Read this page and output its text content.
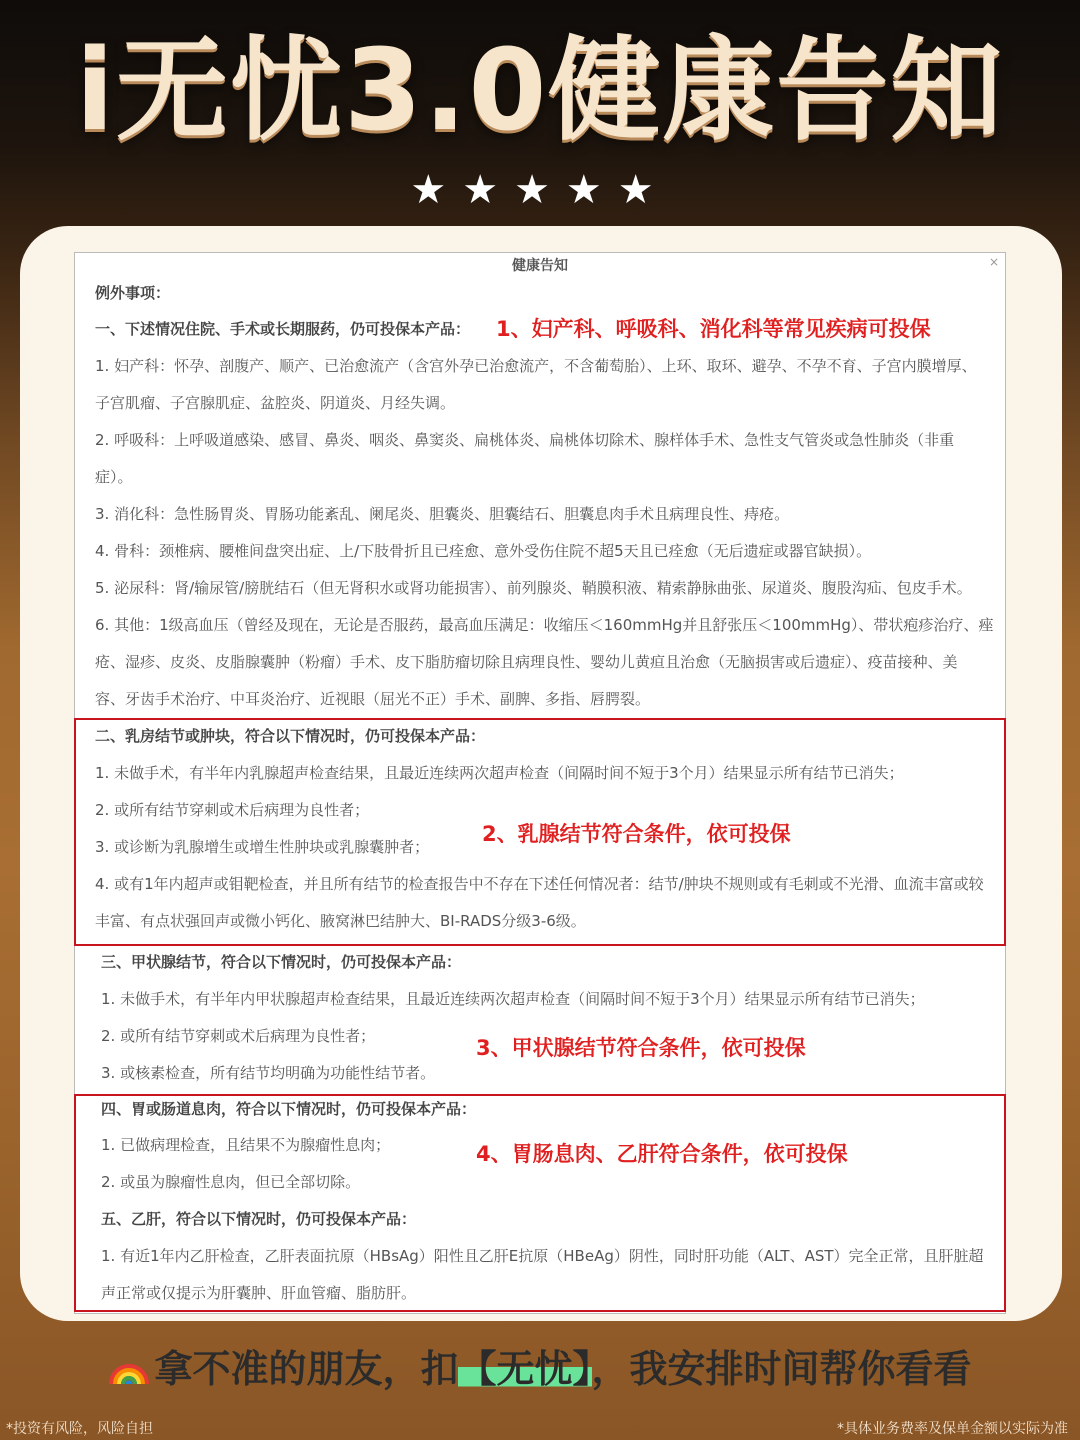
i无忧3.0健康告知
★★★★★
健康告知	×
例外事项：
一、下述情况住院、手术或长期服药，仍可投保本产品：
1. 妇产科：怀孕、剖腹产、顺产、已治愈流产（含宫外孕已治愈流产，不含葡萄胎）、上环、取环、避孕、不孕不育、子宫内膜增厚、
子宫肌瘤、子宫腺肌症、盆腔炎、阴道炎、月经失调。
2. 呼吸科：上呼吸道感染、感冒、鼻炎、咽炎、鼻窦炎、扁桃体炎、扁桃体切除术、腺样体手术、急性支气管炎或急性肺炎（非重
症）。
3. 消化科：急性肠胃炎、胃肠功能紊乱、阑尾炎、胆囊炎、胆囊结石、胆囊息肉手术且病理良性、痔疮。
4. 骨科：颈椎病、腰椎间盘突出症、上/下肢骨折且已痊愈、意外受伤住院不超5天且已痊愈（无后遗症或器官缺损）。
5. 泌尿科：肾/输尿管/膀胱结石（但无肾积水或肾功能损害）、前列腺炎、鞘膜积液、精索静脉曲张、尿道炎、腹股沟疝、包皮手术。
6. 其他：1级高血压（曾经及现在，无论是否服药，最高血压满足：收缩压＜160mmHg并且舒张压＜100mmHg）、带状疱疹治疗、痤
疮、湿疹、皮炎、皮脂腺囊肿（粉瘤）手术、皮下脂肪瘤切除且病理良性、婴幼儿黄疸且治愈（无脑损害或后遗症）、疫苗接种、美
容、牙齿手术治疗、中耳炎治疗、近视眼（屈光不正）手术、副脾、多指、唇腭裂。
二、乳房结节或肿块，符合以下情况时，仍可投保本产品：
1. 未做手术，有半年内乳腺超声检查结果，且最近连续两次超声检查（间隔时间不短于3个月）结果显示所有结节已消失；
2. 或所有结节穿刺或术后病理为良性者；
3. 或诊断为乳腺增生或增生性肿块或乳腺囊肿者；
4. 或有1年内超声或钼靶检查，并且所有结节的检查报告中不存在下述任何情况者：结节/肿块不规则或有毛刺或不光滑、血流丰富或较
丰富、有点状强回声或微小钙化、腋窝淋巴结肿大、BI-RADS分级3-6级。
三、甲状腺结节，符合以下情况时，仍可投保本产品：
1. 未做手术，有半年内甲状腺超声检查结果，且最近连续两次超声检查（间隔时间不短于3个月）结果显示所有结节已消失；
2. 或所有结节穿刺或术后病理为良性者；
3. 或核素检查，所有结节均明确为功能性结节者。
四、胃或肠道息肉，符合以下情况时，仍可投保本产品：
1. 已做病理检查，且结果不为腺瘤性息肉；
2. 或虽为腺瘤性息肉，但已全部切除。
五、乙肝，符合以下情况时，仍可投保本产品：
1. 有近1年内乙肝检查，乙肝表面抗原（HBsAg）阳性且乙肝E抗原（HBeAg）阴性，同时肝功能（ALT、AST）完全正常，且肝脏超
声正常或仅提示为肝囊肿、肝血管瘤、脂肪肝。
1、妇产科、呼吸科、消化科等常见疾病可投保
2、乳腺结节符合条件，依可投保
3、甲状腺结节符合条件，依可投保
4、胃肠息肉、乙肝符合条件，依可投保
拿不准的朋友，扣【无忧】，我安排时间帮你看看
*投资有风险，风险自担	*具体业务费率及保单金额以实际为准
